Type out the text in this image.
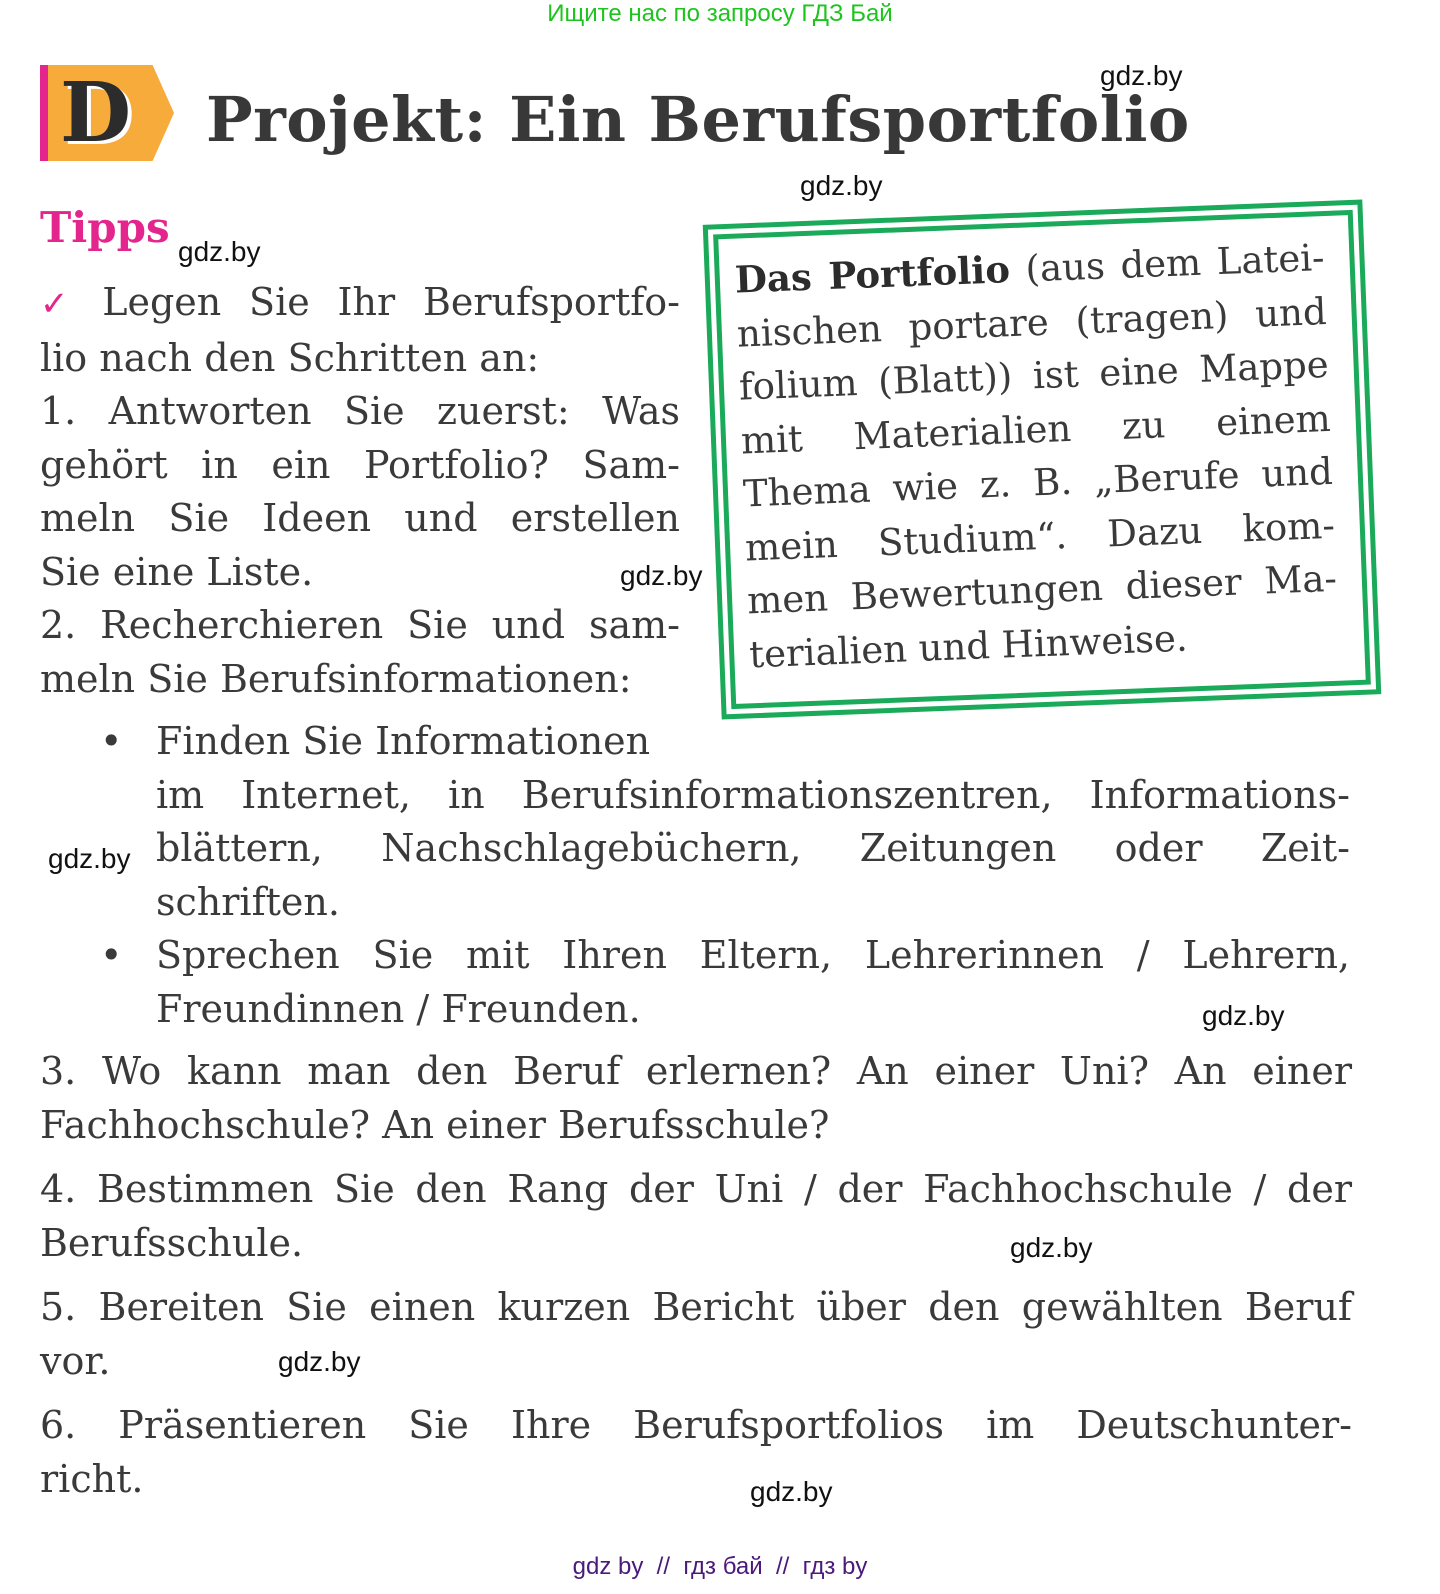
Ищите нас по запросу ГДЗ Бай
D Projekt: Ein Berufsportfolio
Tipps
✓ Legen Sie Ihr Berufsportfo-
lio nach den Schritten an:
1. Antworten Sie zuerst: Was
gehört in ein Portfolio? Sam-
meln Sie Ideen und erstellen
Sie eine Liste.
2. Recherchieren Sie und sam-
meln Sie Berufsinformationen:
Das Portfolio (aus dem Latei-
nischen portare (tragen) und
folium (Blatt)) ist eine Mappe
mit Materialien zu einem
Thema wie z. B. „Berufe und
mein Studium“. Dazu kom-
men Bewertungen dieser Ma-
terialien und Hinweise.
• Finden Sie Informationen
im Internet, in Berufsinformationszentren, Informations-
blättern, Nachschlagebüchern, Zeitungen oder Zeit-
schriften.
• Sprechen Sie mit Ihren Eltern, Lehrerinnen / Lehrern,
Freundinnen / Freunden.
3. Wo kann man den Beruf erlernen? An einer Uni? An einer
Fachhochschule? An einer Berufsschule?
4. Bestimmen Sie den Rang der Uni / der Fachhochschule / der
Berufsschule.
5. Bereiten Sie einen kurzen Bericht über den gewählten Beruf
vor.
6. Präsentieren Sie Ihre Berufsportfolios im Deutschunter-
richt.
gdz.by
gdz.by
gdz.by
gdz.by
gdz.by
gdz.by
gdz.by
gdz.by
gdz.by
gdz by  //  гдз бай  //  гдз by
